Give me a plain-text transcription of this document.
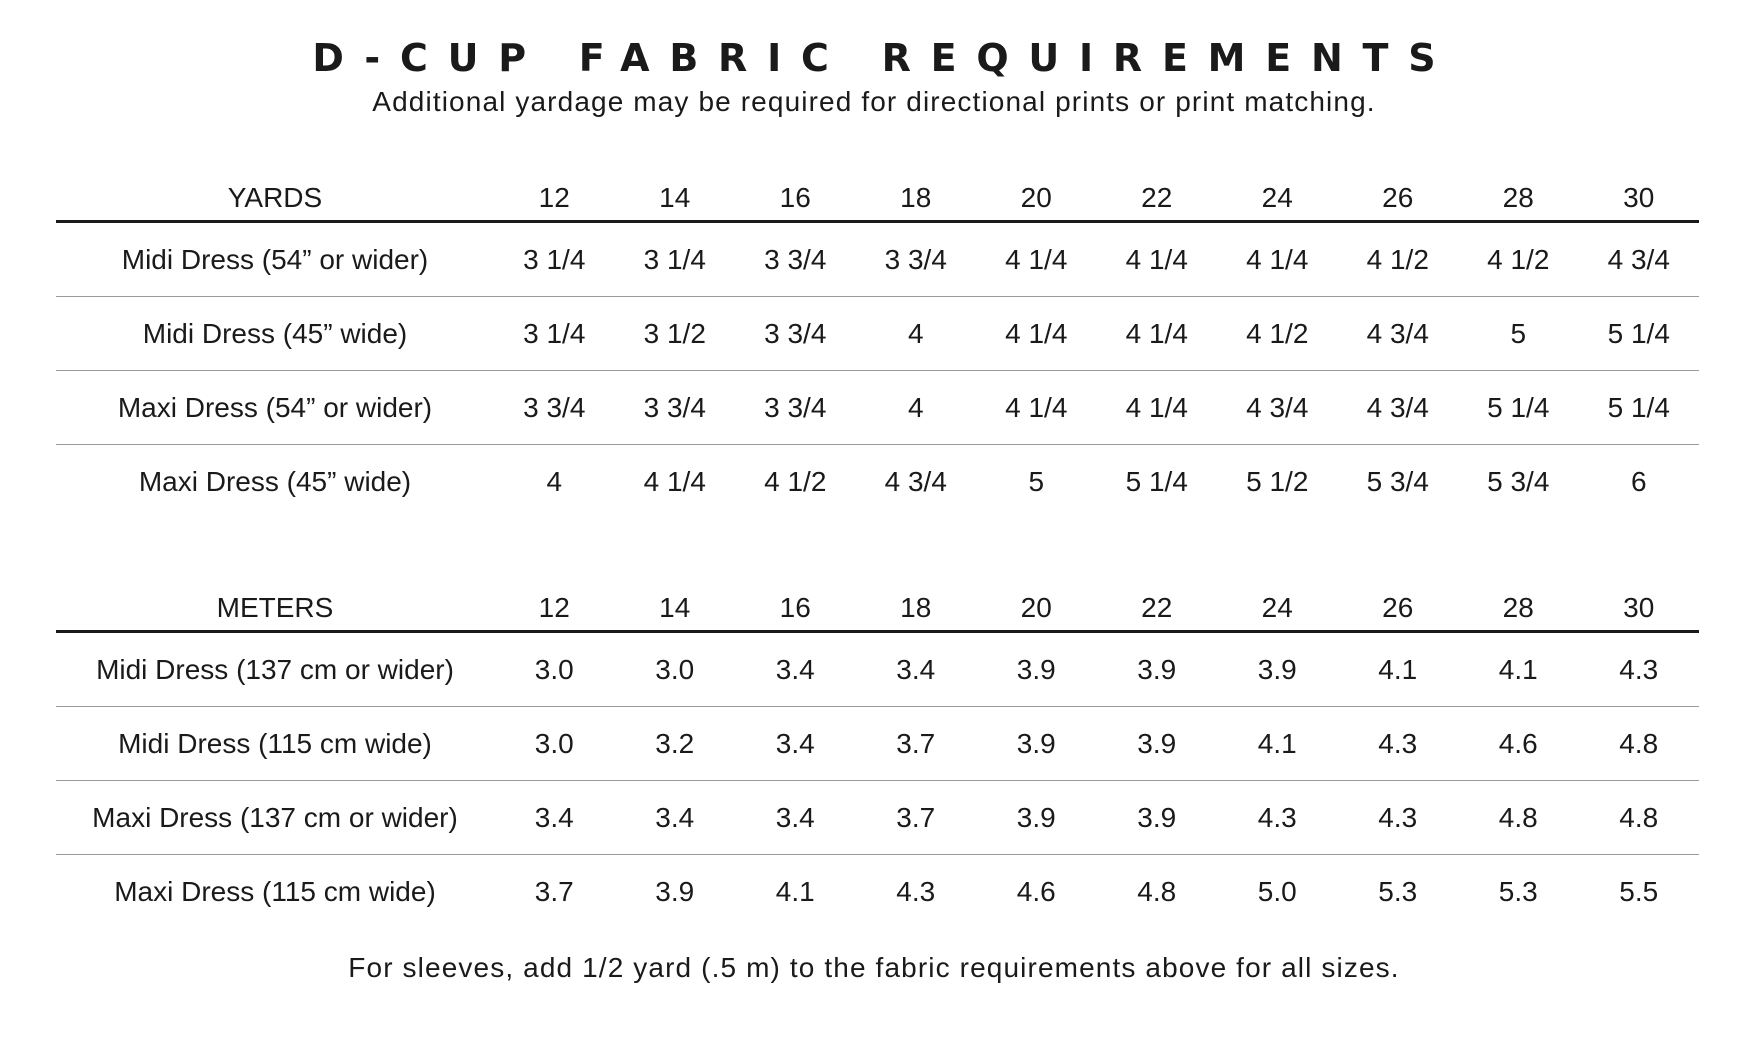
D-CUP FABRIC REQUIREMENTS
Additional yardage may be required for directional prints or print matching.
YARDS	12	14	16	18	20	22	24	26	28	30
Midi Dress (54” or wider)	3 1/4	3 1/4	3 3/4	3 3/4	4 1/4	4 1/4	4 1/4	4 1/2	4 1/2	4 3/4
Midi Dress (45” wide)	3 1/4	3 1/2	3 3/4	4	4 1/4	4 1/4	4 1/2	4 3/4	5	5 1/4
Maxi Dress (54” or wider)	3 3/4	3 3/4	3 3/4	4	4 1/4	4 1/4	4 3/4	4 3/4	5 1/4	5 1/4
Maxi Dress (45” wide)	4	4 1/4	4 1/2	4 3/4	5	5 1/4	5 1/2	5 3/4	5 3/4	6
METERS	12	14	16	18	20	22	24	26	28	30
Midi Dress (137 cm or wider)	3.0	3.0	3.4	3.4	3.9	3.9	3.9	4.1	4.1	4.3
Midi Dress (115 cm wide)	3.0	3.2	3.4	3.7	3.9	3.9	4.1	4.3	4.6	4.8
Maxi Dress (137 cm or wider)	3.4	3.4	3.4	3.7	3.9	3.9	4.3	4.3	4.8	4.8
Maxi Dress (115 cm wide)	3.7	3.9	4.1	4.3	4.6	4.8	5.0	5.3	5.3	5.5
For sleeves, add 1/2 yard (.5 m) to the fabric requirements above for all sizes.
